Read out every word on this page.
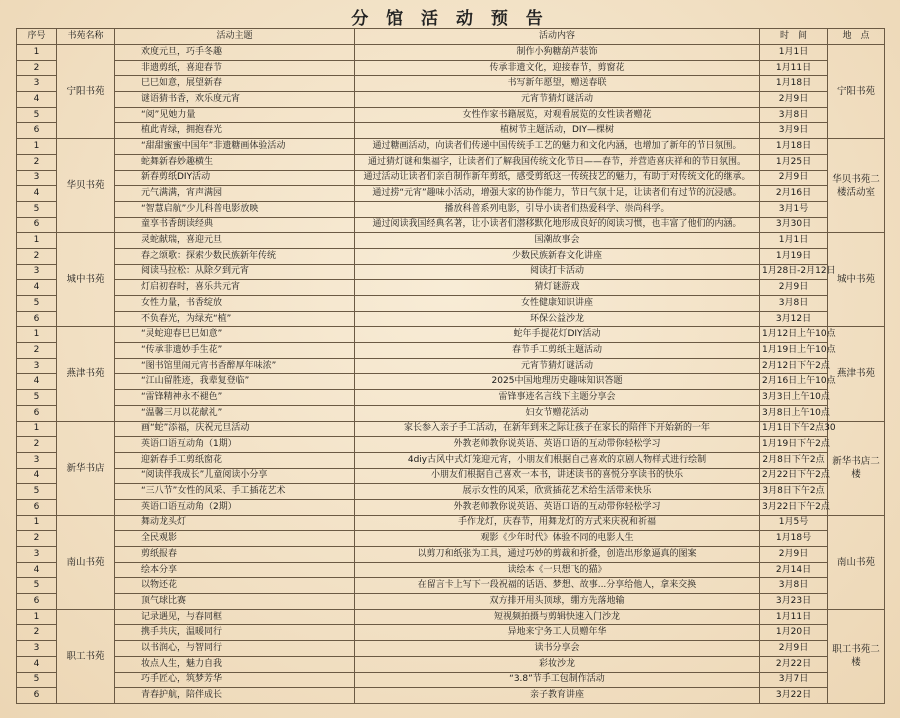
分 馆 活 动 预 告
序号	书苑名称	活动主题	活动内容	时　间	地　点
1	宁阳书苑	欢度元旦，巧手冬趣	制作小狗糖葫芦装饰	1月1日	宁阳书苑
2		非遗剪纸，喜迎春节	传承非遗文化，迎接春节，剪窗花	1月11日	
3		巳巳如意，展望新春	书写新年愿望，赠送春联	1月18日	
4		谜语猜书香，欢乐度元宵	元宵节猜灯谜活动	2月9日	
5		“阅”见她力量	女性作家书籍展览，对观看展览的女性读者赠花	3月8日	
6		植此青绿，拥抱春光	植树节主题活动，DIY—棵树	3月9日	
1	华贝书苑	“甜甜蜜蜜中国年”非遗糖画体验活动	通过糖画活动，向读者们传递中国传统手工艺的魅力和文化内涵，也增加了新年的节日氛围。	1月18日	华贝书苑二楼活动室
2		蛇舞新春妙趣横生	通过猜灯谜和集福字，让读者们了解我国传统文化节日——春节，并营造喜庆祥和的节日氛围。	1月25日	
3		新春剪纸DIY活动	通过活动让读者们亲自制作新年剪纸，感受剪纸这一传统技艺的魅力，有助于对传统文化的继承。	2月9日	
4		元气满满，宵声满园	通过捞“元宵”趣味小活动，增强大家的协作能力，节日气氛十足，让读者们有过节的沉浸感。	2月16日	
5		“智慧启航”少儿科普电影放映	播放科普系列电影，引导小读者们热爱科学、崇尚科学。	3月1号	
6		童享书香朗读经典	通过阅读我国经典名著，让小读者们潜移默化地形成良好的阅读习惯，也丰富了他们的内涵。	3月30日	
1	城中书苑	灵蛇献瑞，喜迎元旦	国潮故事会	1月1日	城中书苑
2		春之颂歌：探索少数民族新年传统	少数民族新春文化讲座	1月19日	
3		阅读马拉松：从除夕到元宵	阅读打卡活动	1月28日-2月12日	
4		灯启初春时，喜乐共元宵	猜灯谜游戏	2月9日	
5		女性力量，书香绽放	女性健康知识讲座	3月8日	
6		不负春光，为绿充“植”	环保公益沙龙	3月12日	
1	燕津书苑	“灵蛇迎春巳巳如意”	蛇年手提花灯DIY活动	1月12日上午10点	燕津书苑
2		“传承非遗妙手生花”	春节手工剪纸主题活动	1月19日上午10点	
3		“图书馆里闹元宵书香醉厚年味浓”	元宵节猜灯谜活动	2月12日下午2点	
4		“江山留胜迹，我辈复登临”	2025中国地理历史趣味知识答题	2月16日上午10点	
5		“雷锋精神永不褪色”	雷锋事迹名言线下主题分享会	3月3日上午10点	
6		“温馨三月以花献礼”	妇女节赠花活动	3月8日上午10点	
1	新华书店	画“蛇”添福，庆祝元旦活动	家长参入亲子手工活动，在新年到来之际让孩子在家长的陪伴下开始新的一年	1月1日下午2点30	新华书店二楼
2		英语口语互动角（1期）	外教老师教你说英语、英语口语的互动带你轻松学习	1月19日下午2点	
3		迎新春手工剪纸窗花	4diy古风中式灯笼迎元宵，小朋友们根据自己喜欢的京剧人物样式进行绘制	2月8日下午2点	
4		“阅读伴我成长”儿童阅读小分享	小朋友们根据自己喜欢一本书，讲述读书的喜悦分享读书的快乐	2月22日下午2点	
5		“三八节”女性的风采、手工插花艺术	展示女性的风采，欣赏插花艺术给生活带来快乐	3月8日下午2点	
6		英语口语互动角（2期）	外教老师教你说英语、英语口语的互动带你轻松学习	3月22日下午2点	
1	南山书苑	舞动龙头灯	手作龙灯，庆春节，用舞龙灯的方式来庆祝和祈福	1月5号	南山书苑
2		全民观影	观影《少年时代》体验不同的电影人生	1月18号	
3		剪纸报春	以剪刀和纸张为工具，通过巧妙的剪裁和折叠，创造出形象逼真的图案	2月9日	
4		绘本分享	读绘本《一只想飞的猫》	2月14日	
5		以物还花	在留言卡上写下一段祝福的话语、梦想、故事...分享给他人，拿来交换	3月8日	
6		顶气球比赛	双方排开用头顶球，绷方先落地输	3月23日	
1	职工书苑	记录遇见，与春同框	短视频拍摄与剪辑快速入门沙龙	1月11日	职工书苑二楼
2		携手共庆，温暖同行	异地来宁务工人员赠年华	1月20日	
3		以书润心，与智同行	读书分享会	2月9日	
4		妆点人生，魅力自我	彩妆沙龙	2月22日	
5		巧手匠心，筑梦芳华	“3.8”节手工包制作活动	3月7日	
6		青春护航，陪伴成长	亲子教育讲座	3月22日	
